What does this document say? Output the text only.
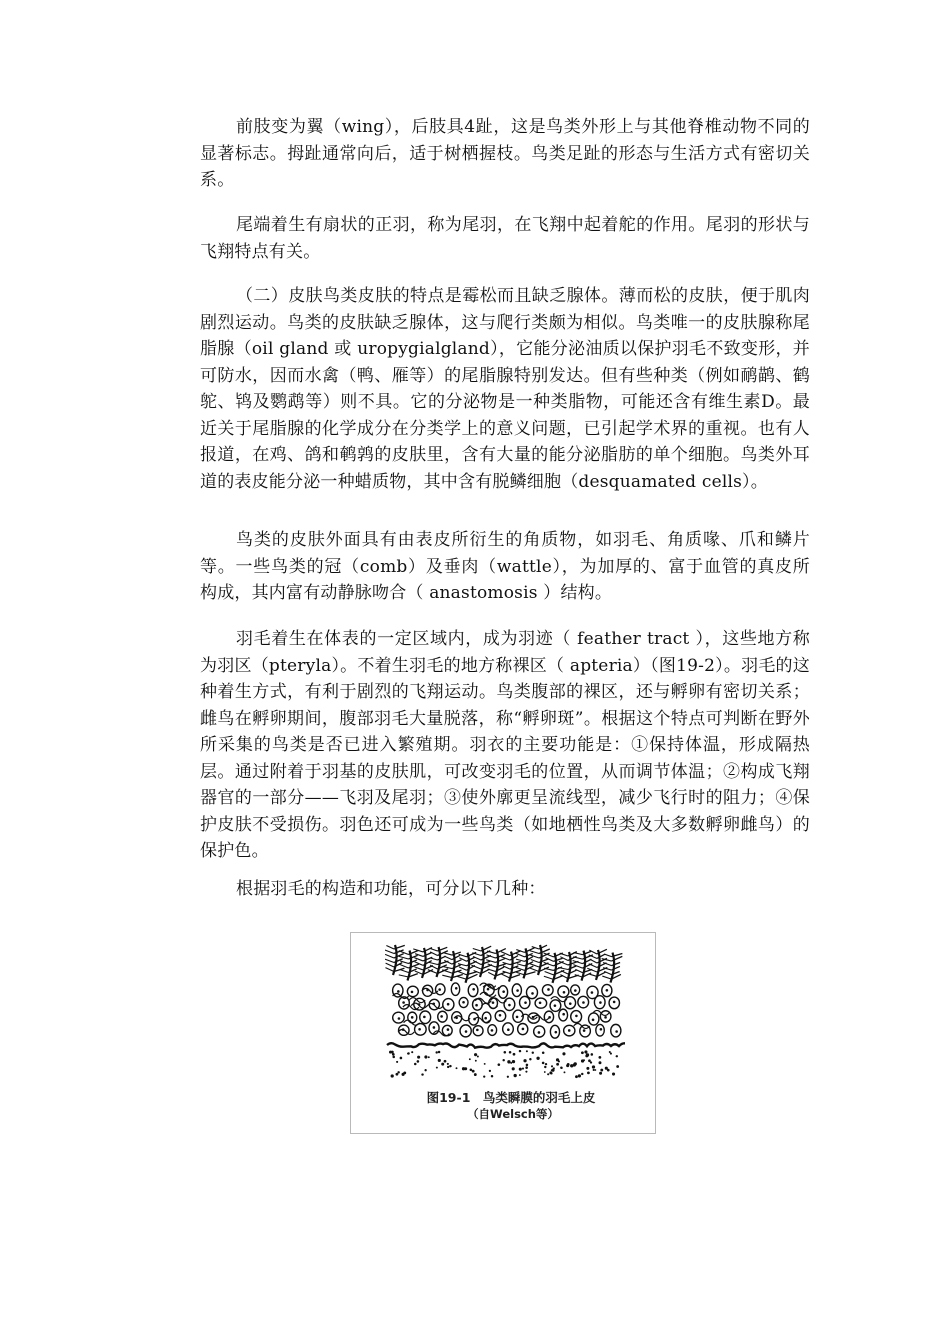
前肢变为翼（wing），后肢具4趾，这是鸟类外形上与其他脊椎动物不同的显著标志。拇趾通常向后，适于树栖握枝。鸟类足趾的形态与生活方式有密切关系。

尾端着生有扇状的正羽，称为尾羽，在飞翔中起着舵的作用。尾羽的形状与飞翔特点有关。

（二）皮肤鸟类皮肤的特点是霉松而且缺乏腺体。薄而松的皮肤，便于肌肉剧烈运动。鸟类的皮肤缺乏腺体，这与爬行类颇为相似。鸟类唯一的皮肤腺称尾脂腺（oil gland 或 uropygialgland），它能分泌油质以保护羽毛不致变形，并可防水，因而水禽（鸭、雁等）的尾脂腺特别发达。但有些种类（例如鸸鹋、鹤鸵、鸨及鹦鹉等）则不具。它的分泌物是一种类脂物，可能还含有维生素D。最近关于尾脂腺的化学成分在分类学上的意义问题，已引起学术界的重视。也有人报道，在鸡、鸽和鹌鹑的皮肤里，含有大量的能分泌脂肪的单个细胞。鸟类外耳道的表皮能分泌一种蜡质物，其中含有脱鳞细胞（desquamated cells）。

鸟类的皮肤外面具有由表皮所衍生的角质物，如羽毛、角质喙、爪和鳞片等。一些鸟类的冠（comb）及垂肉（wattle），为加厚的、富于血管的真皮所构成，其内富有动静脉吻合（ anastomosis ）结构。

羽毛着生在体表的一定区域内，成为羽迹（ feather tract ），这些地方称为羽区（pteryla）。不着生羽毛的地方称裸区（ apteria）（图19-2）。羽毛的这种着生方式，有利于剧烈的飞翔运动。鸟类腹部的裸区，还与孵卵有密切关系；雌鸟在孵卵期间，腹部羽毛大量脱落，称“孵卵斑”。根据这个特点可判断在野外所采集的鸟类是否已进入繁殖期。羽衣的主要功能是：①保持体温，形成隔热层。通过附着于羽基的皮肤肌，可改变羽毛的位置，从而调节体温；②构成飞翔器官的一部分——飞羽及尾羽；③使外廓更呈流线型，减少飞行时的阻力；④保护皮肤不受损伤。羽色还可成为一些鸟类（如地栖性鸟类及大多数孵卵雌鸟）的保护色。

根据羽毛的构造和功能，可分以下几种：

图19-1　鸟类瞬膜的羽毛上皮
（自Welsch等）
